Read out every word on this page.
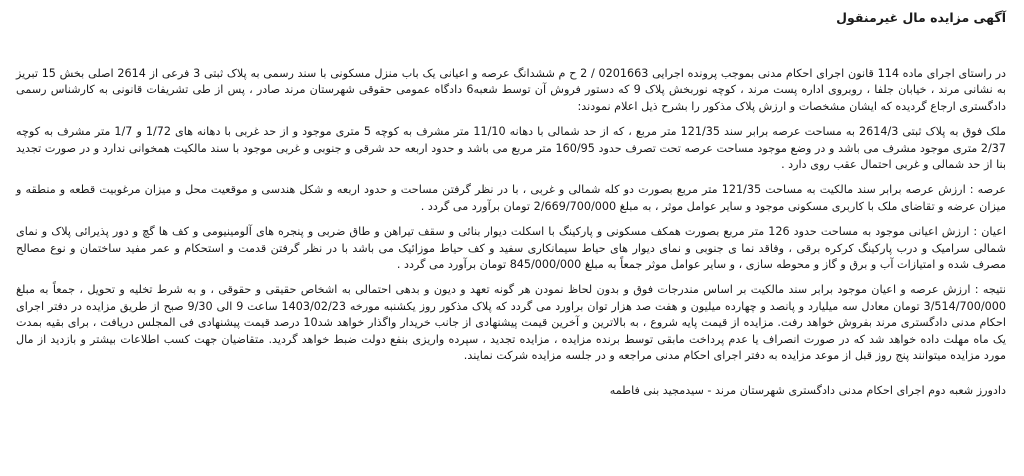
آگهی مزایده مال غیرمنقول

در راستای اجرای ماده 114 قانون اجرای احکام مدنی بموجب پرونده اجرایی 0201663 / 2 ح م ششدانگ عرصه و اعیانی یک باب منزل مسکونی با سند رسمی به پلاک ثبتی 3 فرعی از 2614 اصلی بخش 15 تبریز به نشانی مرند ، خیابان جلفا ، روبروی اداره پست مرند ، کوچه نوربخش پلاک 9 که دستور فروش آن توسط شعبه6 دادگاه عمومی حقوقی شهرستان مرند صادر ، پس از طی تشریفات قانونی به کارشناس رسمی دادگستری ارجاع گردیده که ایشان مشخصات و ارزش پلاک مذکور را بشرح ذیل اعلام نمودند:

ملک فوق به پلاک ثبتی 2614/3 به مساحت عرصه برابر سند 121/35 متر مربع ، که از حد شمالی با دهانه 11/10 متر مشرف به کوچه 5 متری موجود و از حد غربی با دهانه های 1/72 و 1/7 متر مشرف به کوچه 2/37 متری موجود مشرف می باشد و در وضع موجود مساحت عرصه تحت تصرف حدود 160/95 متر مربع می باشد و حدود اربعه حد شرقی و جنوبی و غربی موجود با سند مالکیت همخوانی ندارد و در صورت تجدید بنا از حد شمالی و غربی احتمال عقب روی دارد .

عرصه : ارزش عرصه برابر سند مالکیت به مساحت 121/35 متر مربع بصورت دو کله شمالی و غربی ، با در نظر گرفتن مساحت و حدود اربعه و شکل هندسی و موقعیت محل و میزان مرغوبیت قطعه و منطقه و میزان عرضه و تقاضای ملک با کاربری مسکونی موجود و سایر عوامل موثر ، به مبلغ 2/669/700/000 تومان برآورد می گردد .

اعیان : ارزش اعیانی موجود به مساحت حدود 126 متر مربع بصورت همکف مسکونی و پارکینگ با اسکلت دیوار بنائی و سقف تیراهن و طاق ضربی و پنجره های آلومینیومی و کف ها گچ و دور پذیرائی پلاک و نمای شمالی سرامیک و درب پارکینگ کرکره برقی ، وفاقد نما ی جنوبی و نمای دیوار های حیاط سیمانکاری سفید و کف حیاط موزائیک می باشد با در نظر گرفتن قدمت و استحکام و عمر مفید ساختمان و نوع مصالح مصرف شده و امتیازات آب و برق و گاز و محوطه سازی ، و سایر عوامل موثر جمعاً به مبلغ 845/000/000 تومان برآورد می گردد .

نتیجه : ارزش عرصه و اعیان موجود برابر سند مالکیت بر اساس مندرجات فوق و بدون لحاظ نمودن هر گونه تعهد و دیون و بدهی احتمالی به اشخاص حقیقی و حقوقی ، و به شرط تخلیه و تحویل ، جمعاً به مبلغ 3/514/700/000 تومان معادل سه میلیارد و پانصد و چهارده میلیون و هفت صد هزار توان براورد می گردد که پلاک مذکور روز یکشنبه مورخه 1403/02/23 ساعت 9 الی 9/30 صبح از طریق مزایده در دفتر اجرای احکام مدنی دادگستری مرند بفروش خواهد رفت. مزایده از قیمت پایه شروع ، به بالاترین و آخرین قیمت پیشنهادی از جانب خریدار واگذار خواهد شد10 درصد قیمت پیشنهادی فی المجلس دریافت ، برای بقیه بمدت یک ماه مهلت داده خواهد شد که در صورت انصراف یا عدم پرداخت مابقی توسط برنده مزایده ، مزایده تجدید ، سپرده واریزی بنفع دولت ضبط خواهد گردید. متقاضیان جهت کسب اطلاعات بیشتر و بازدید از مال مورد مزایده میتوانند پنج روز قبل از موعد مزایده به دفتر اجرای احکام مدنی مراجعه و در جلسه مزایده شرکت نمایند.

دادورز شعبه دوم اجرای احکام مدنی دادگستری شهرستان مرند - سیدمجید بنی فاطمه
